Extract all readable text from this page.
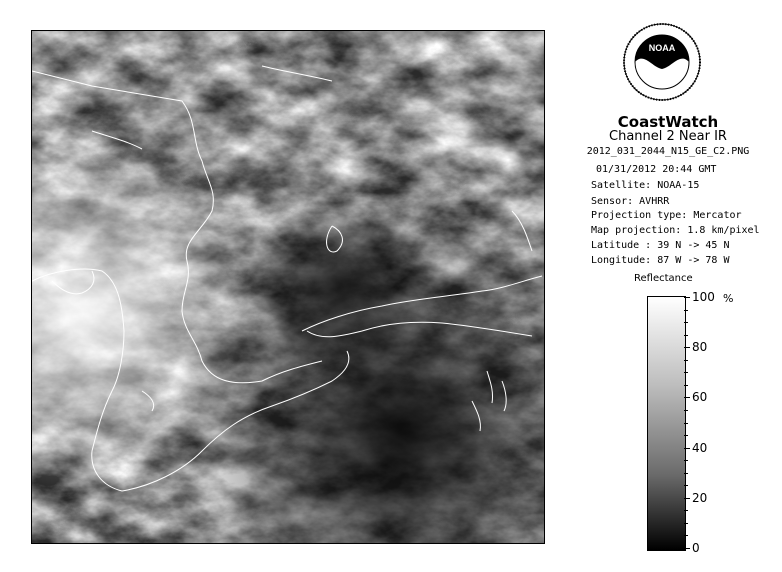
NOAA
CoastWatch
Channel 2 Near IR
2012_031_2044_N15_GE_C2.PNG
01/31/2012 20:44 GMT
Satellite: NOAA-15
Sensor: AVHRR
Projection type: Mercator
Map projection: 1.8 km/pixel
Latitude : 39 N -> 45 N
Longitude: 87 W -> 78 W
Reflectance
%
100
80
60
40
20
0
